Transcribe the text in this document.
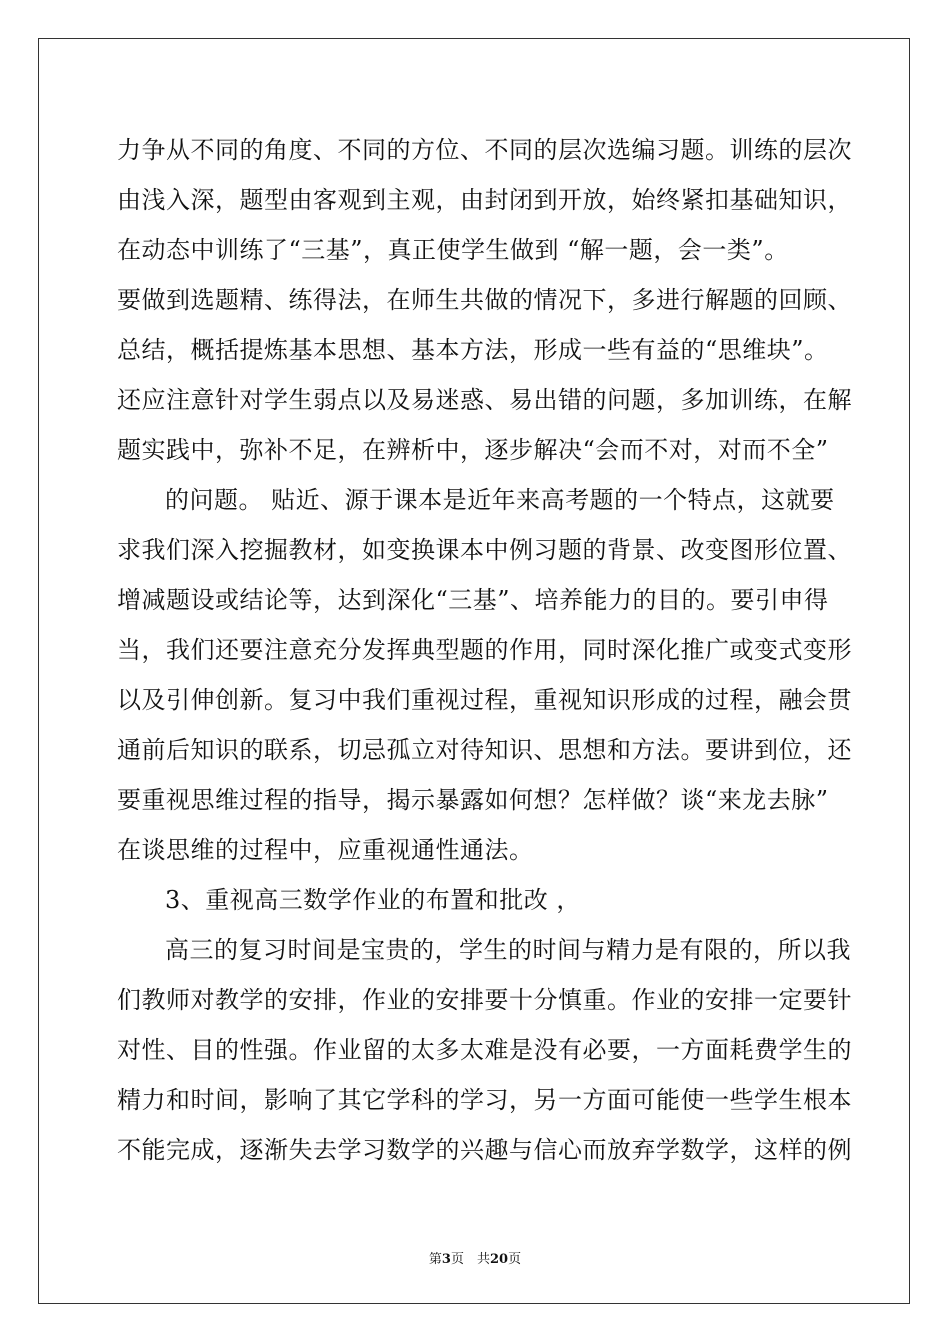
力争从不同的角度、不同的方位、不同的层次选编习题。训练的层次
由浅入深，题型由客观到主观，由封闭到开放，始终紧扣基础知识，
在动态中训练了“三基”，真正使学生做到 “解一题，会一类”。
要做到选题精、练得法，在师生共做的情况下，多进行解题的回顾、
总结，概括提炼基本思想、基本方法，形成一些有益的“思维块”。
还应注意针对学生弱点以及易迷惑、易出错的问题，多加训练，在解
题实践中，弥补不足，在辨析中，逐步解决“会而不对，对而不全”
的问题。 贴近、源于课本是近年来高考题的一个特点，这就要
求我们深入挖掘教材，如变换课本中例习题的背景、改变图形位置、
增减题设或结论等，达到深化“三基”、培养能力的目的。要引申得
当，我们还要注意充分发挥典型题的作用，同时深化推广或变式变形
以及引伸创新。复习中我们重视过程，重视知识形成的过程，融会贯
通前后知识的联系，切忌孤立对待知识、思想和方法。要讲到位，还
要重视思维过程的指导，揭示暴露如何想？怎样做？谈“来龙去脉”
在谈思维的过程中，应重视通性通法。
3、重视高三数学作业的布置和批改 ，
高三的复习时间是宝贵的，学生的时间与精力是有限的，所以我
们教师对教学的安排，作业的安排要十分慎重。作业的安排一定要针
对性、目的性强。作业留的太多太难是没有必要，一方面耗费学生的
精力和时间，影响了其它学科的学习，另一方面可能使一些学生根本
不能完成，逐渐失去学习数学的兴趣与信心而放弃学数学，这样的例
第3页　共20页
